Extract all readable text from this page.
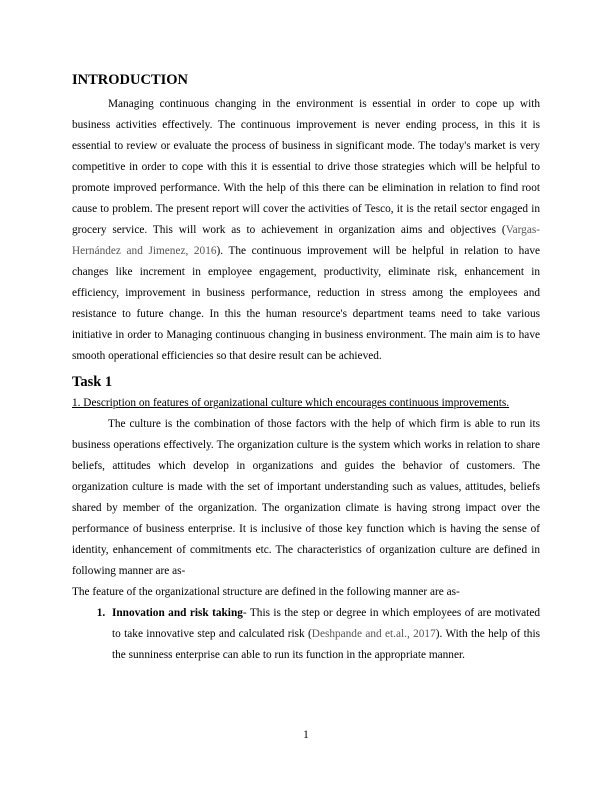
INTRODUCTION

Managing continuous changing in the environment is essential in order to cope up with business activities effectively. The continuous improvement is never ending process, in this it is essential to review or evaluate the process of business in significant mode. The today's market is very competitive in order to cope with this it is essential to drive those strategies which will be helpful to promote improved performance. With the help of this there can be elimination in relation to find root cause to problem. The present report will cover the activities of Tesco, it is the retail sector engaged in grocery service. This will work as to achievement in organization aims and objectives (Vargas-Hernández and Jimenez, 2016). The continuous improvement will be helpful in relation to have changes like increment in employee engagement, productivity, eliminate risk, enhancement in efficiency, improvement in business performance, reduction in stress among the employees and resistance to future change. In this the human resource's department teams need to take various initiative in order to Managing continuous changing in business environment. The main aim is to have smooth operational efficiencies so that desire result can be achieved.

Task 1

1. Description on features of organizational culture which encourages continuous improvements.

The culture is the combination of those factors with the help of which firm is able to run its business operations effectively. The organization culture is the system which works in relation to share beliefs, attitudes which develop in organizations and guides the behavior of customers. The organization culture is made with the set of important understanding such as values, attitudes, beliefs shared by member of the organization. The organization climate is having strong impact over the performance of business enterprise. It is inclusive of those key function which is having the sense of identity, enhancement of commitments etc. The characteristics of organization culture are defined in following manner are as-

The feature of the organizational structure are defined in the following manner are as-

1. Innovation and risk taking- This is the step or degree in which employees of are motivated to take innovative step and calculated risk (Deshpande and et.al., 2017). With the help of this the sunniness enterprise can able to run its function in the appropriate manner.
1
